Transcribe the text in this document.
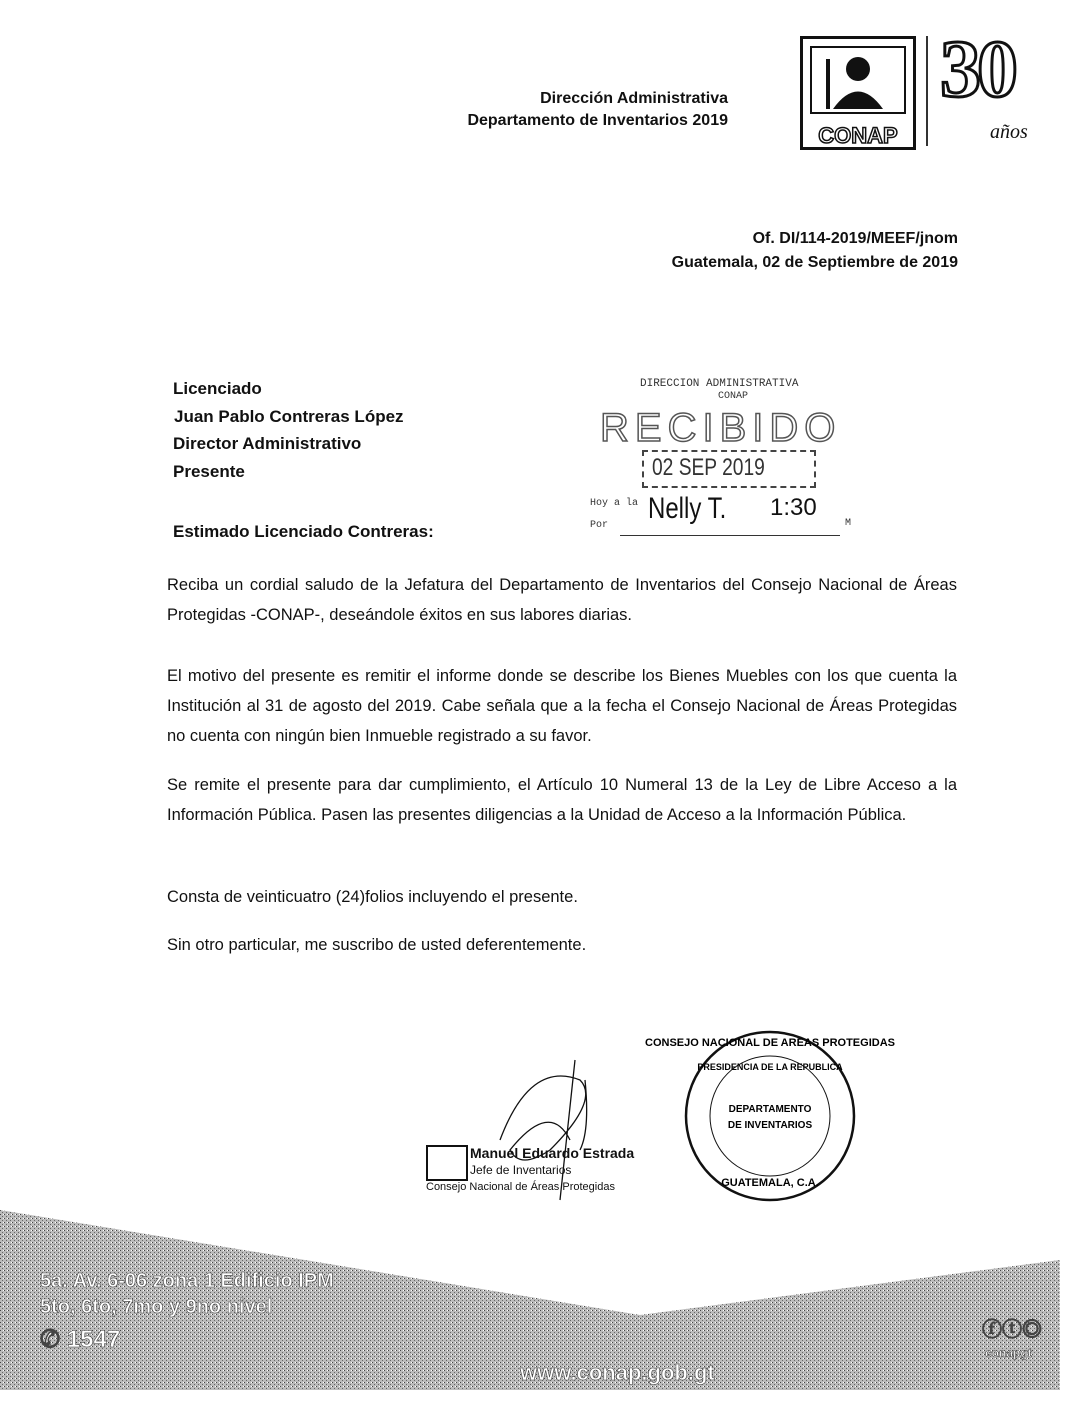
Dirección Administrativa
Departamento de Inventarios 2019
CONAP
30
años
Of. DI/114-2019/MEEF/jnom
Guatemala, 02 de Septiembre de 2019
Licenciado
Juan Pablo Contreras López
Director Administrativo
Presente
DIRECCION ADMINISTRATIVA
CONAP
RECIBIDO
02 SEP 2019
Hoy a la
Por
Nelly T. 1:30
M
Estimado Licenciado Contreras:

Reciba un cordial saludo de la Jefatura del Departamento de Inventarios del Consejo Nacional de Áreas Protegidas -CONAP-, deseándole éxitos en sus labores diarias.

El motivo del presente es remitir el informe donde se describe los Bienes Muebles con los que cuenta la Institución al 31 de agosto del 2019. Cabe señala que a la fecha el Consejo Nacional de Áreas Protegidas no cuenta con ningún bien Inmueble registrado a su favor.

Se remite el presente para dar cumplimiento, el Artículo 10 Numeral 13 de la Ley de Libre Acceso a la Información Pública. Pasen las presentes diligencias a la Unidad de Acceso a la Información Pública.

Consta de veinticuatro (24)folios incluyendo el presente.

Sin otro particular, me suscribo de usted deferentemente.

CONSEJO NACIONAL DE AREAS PROTEGIDAS
PRESIDENCIA DE LA REPUBLICA
DEPARTAMENTO
DE INVENTARIOS
GUATEMALA, C.A.
Manuel Eduardo Estrada
Jefe de Inventarios
Consejo Nacional de Áreas Protegidas
5a. Av. 6-06 zona 1 Edificio IPM
5to, 6to, 7mo y 9no nivel
✆ 1547
www.conap.gob.gt
ⓕⓣ◎
conapgt
